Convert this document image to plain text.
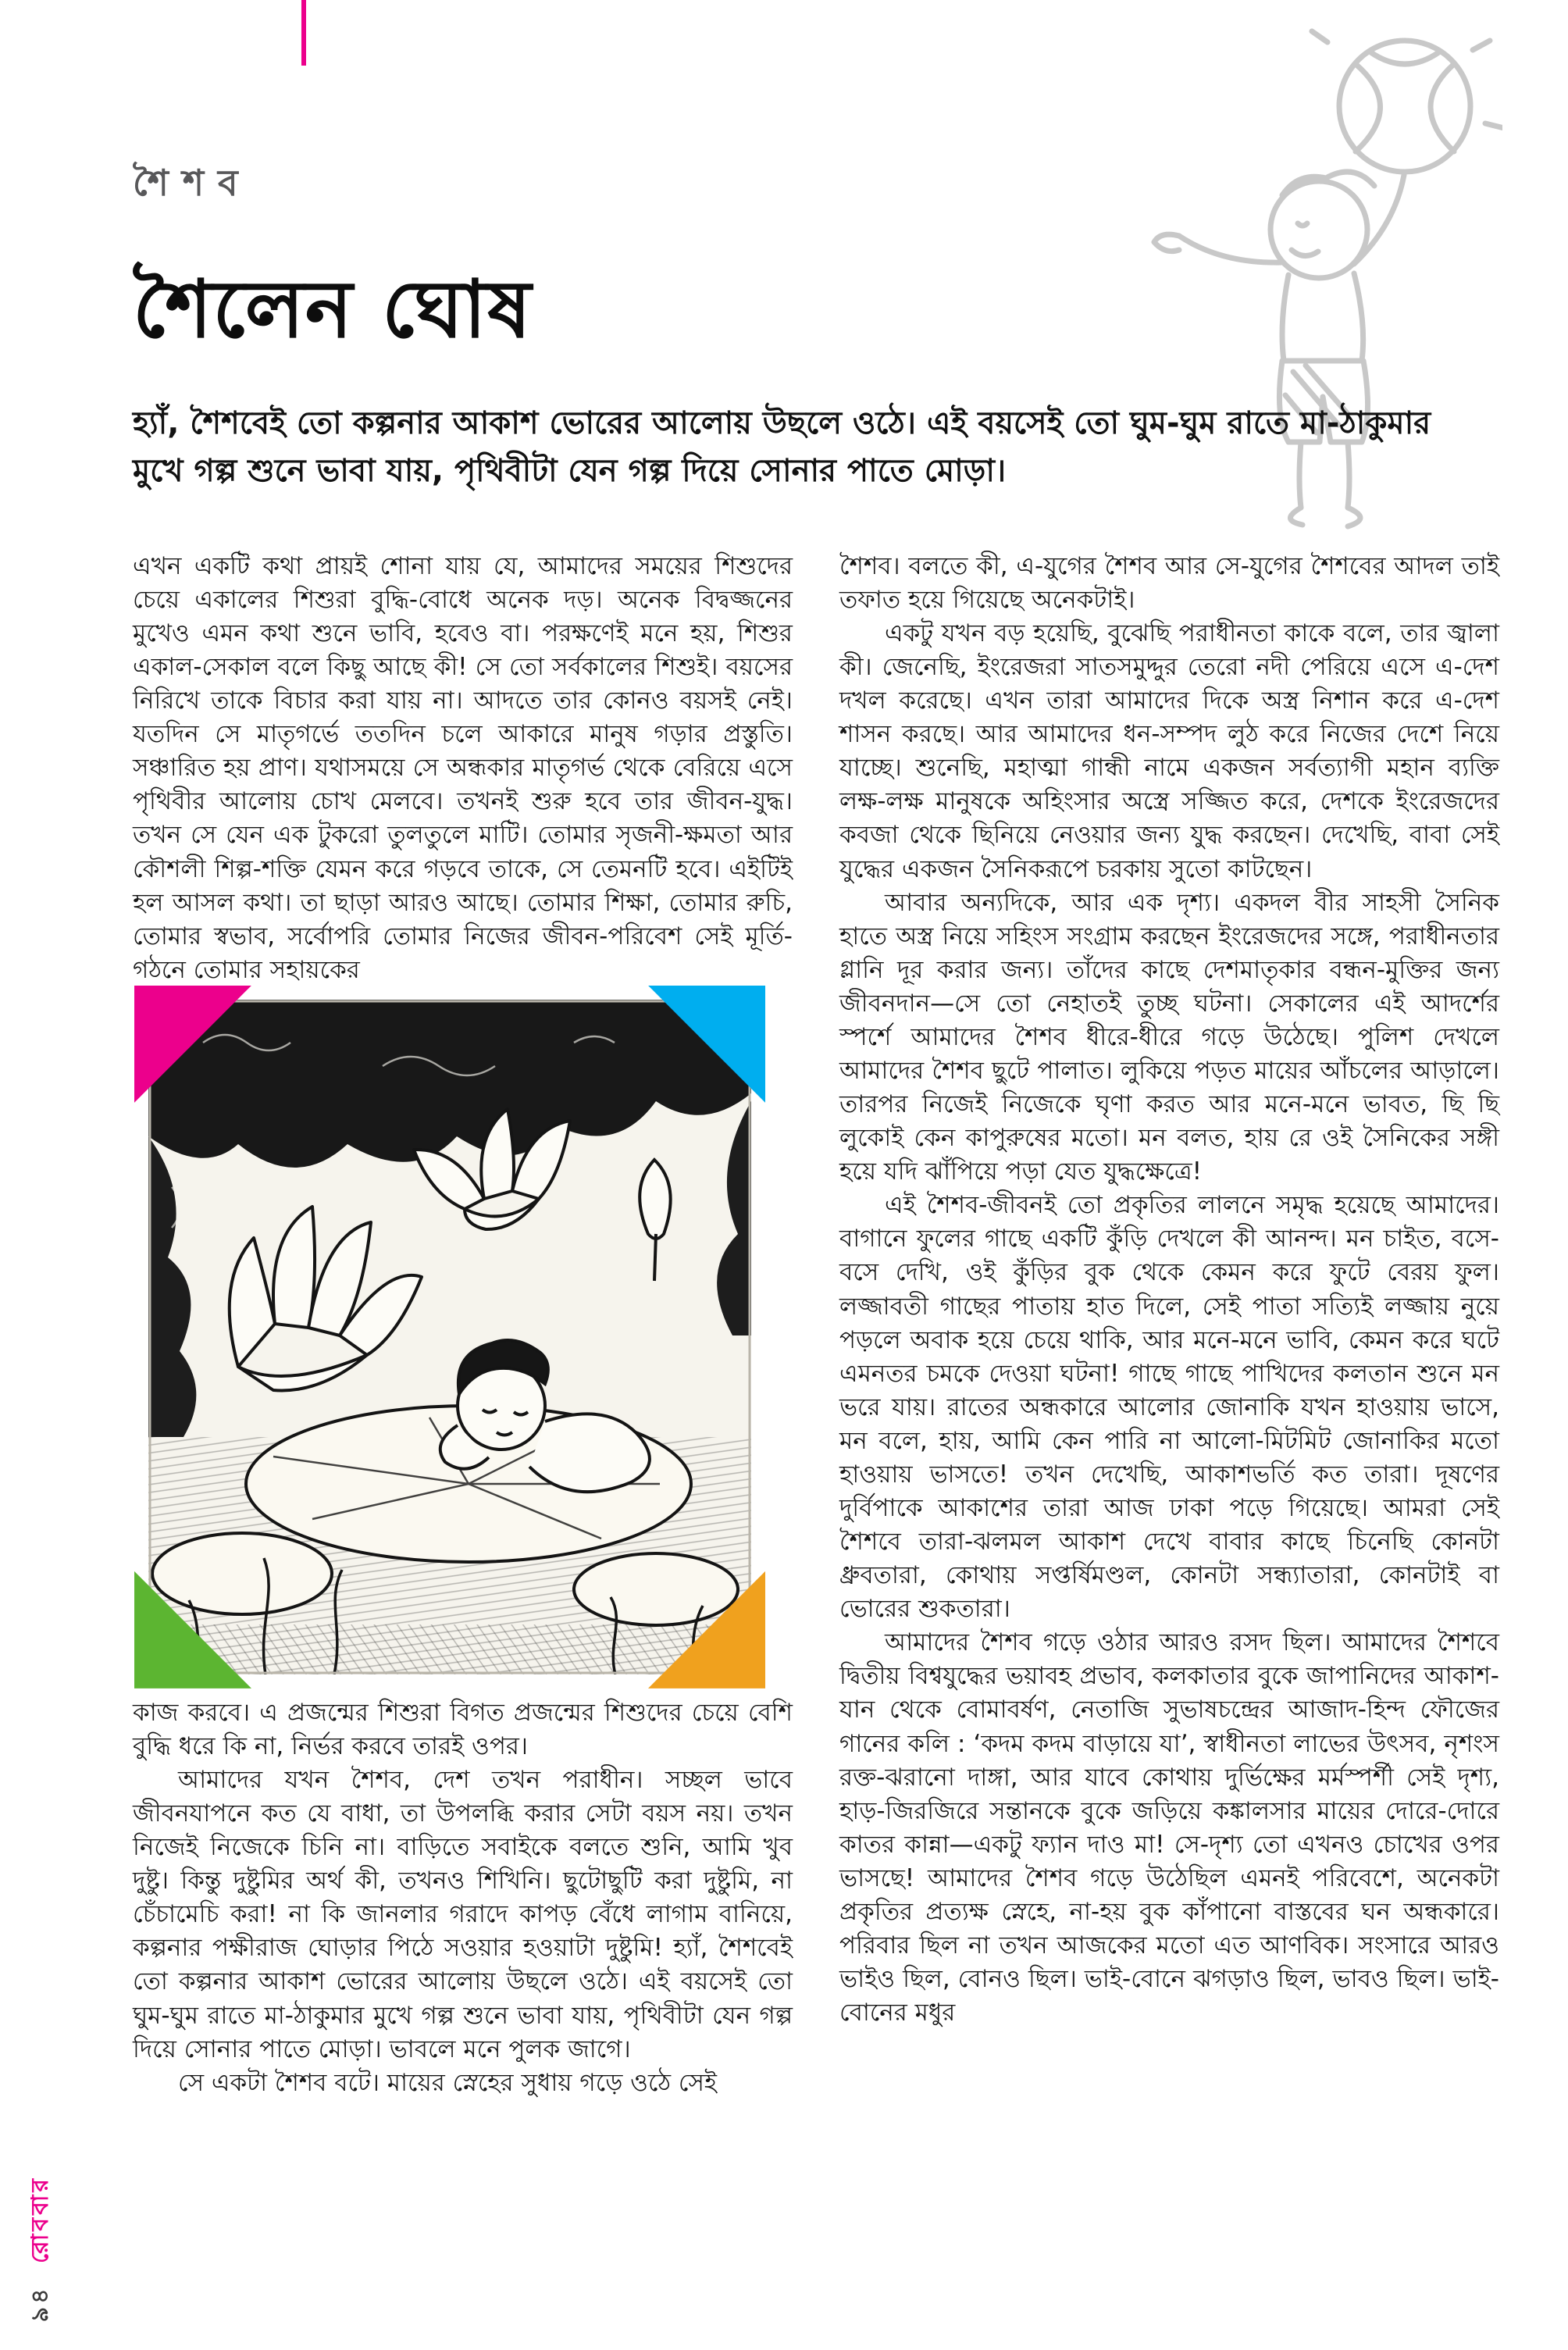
শৈশব
শৈলেন ঘোষ

হ্যাঁ, শৈশবেই তো কল্পনার আকাশ ভোরের আলোয় উছলে ওঠে। এই বয়সেই তো ঘুম-ঘুম রাতে মা-ঠাকুমার মুখে গল্প শুনে ভাবা যায়, পৃথিবীটা যেন গল্প দিয়ে সোনার পাতে মোড়া।

এখন একটি কথা প্রায়ই শোনা যায় যে, আমাদের সময়ের শিশুদের চেয়ে একালের শিশুরা বুদ্ধি-বোধে অনেক দড়। অনেক বিদ্বজ্জনের মুখেও এমন কথা শুনে ভাবি, হবেও বা। পরক্ষণেই মনে হয়, শিশুর একাল-সেকাল বলে কিছু আছে কী! সে তো সর্বকালের শিশুই। বয়সের নিরিখে তাকে বিচার করা যায় না। আদতে তার কোনও বয়সই নেই। যতদিন সে মাতৃগর্ভে ততদিন চলে আকারে মানুষ গড়ার প্রস্তুতি। সঞ্চারিত হয় প্রাণ। যথাসময়ে সে অন্ধকার মাতৃগর্ভ থেকে বেরিয়ে এসে পৃথিবীর আলোয় চোখ মেলবে। তখনই শুরু হবে তার জীবন-যুদ্ধ। তখন সে যেন এক টুকরো তুলতুলে মাটি। তোমার সৃজনী-ক্ষমতা আর কৌশলী শিল্প-শক্তি যেমন করে গড়বে তাকে, সে তেমনটি হবে। এইটিই হল আসল কথা। তা ছাড়া আরও আছে। তোমার শিক্ষা, তোমার রুচি, তোমার স্বভাব, সর্বোপরি তোমার নিজের জীবন-পরিবেশ সেই মূর্তি-গঠনে তোমার সহায়কের

কাজ করবে। এ প্রজন্মের শিশুরা বিগত প্রজন্মের শিশুদের চেয়ে বেশি বুদ্ধি ধরে কি না, নির্ভর করবে তারই ওপর।

আমাদের যখন শৈশব, দেশ তখন পরাধীন। সচ্ছল ভাবে জীবনযাপনে কত যে বাধা, তা উপলব্ধি করার সেটা বয়স নয়। তখন নিজেই নিজেকে চিনি না। বাড়িতে সবাইকে বলতে শুনি, আমি খুব দুষ্টু। কিন্তু দুষ্টুমির অর্থ কী, তখনও শিখিনি। ছুটোছুটি করা দুষ্টুমি, না চেঁচামেচি করা! না কি জানলার গরাদে কাপড় বেঁধে লাগাম বানিয়ে, কল্পনার পক্ষীরাজ ঘোড়ার পিঠে সওয়ার হওয়াটা দুষ্টুমি! হ্যাঁ, শৈশবেই তো কল্পনার আকাশ ভোরের আলোয় উছলে ওঠে। এই বয়সেই তো ঘুম-ঘুম রাতে মা-ঠাকুমার মুখে গল্প শুনে ভাবা যায়, পৃথিবীটা যেন গল্প দিয়ে সোনার পাতে মোড়া। ভাবলে মনে পুলক জাগে।

সে একটা শৈশব বটে। মায়ের স্নেহের সুধায় গড়ে ওঠে সেই

শৈশব। বলতে কী, এ-যুগের শৈশব আর সে-যুগের শৈশবের আদল তাই তফাত হয়ে গিয়েছে অনেকটাই।

একটু যখন বড় হয়েছি, বুঝেছি পরাধীনতা কাকে বলে, তার জ্বালা কী। জেনেছি, ইংরেজরা সাতসমুদ্দুর তেরো নদী পেরিয়ে এসে এ-দেশ দখল করেছে। এখন তারা আমাদের দিকে অস্ত্র নিশান করে এ-দেশ শাসন করছে। আর আমাদের ধন-সম্পদ লুঠ করে নিজের দেশে নিয়ে যাচ্ছে। শুনেছি, মহাত্মা গান্ধী নামে একজন সর্বত্যাগী মহান ব্যক্তি লক্ষ-লক্ষ মানুষকে অহিংসার অস্ত্রে সজ্জিত করে, দেশকে ইংরেজদের কবজা থেকে ছিনিয়ে নেওয়ার জন্য যুদ্ধ করছেন। দেখেছি, বাবা সেই যুদ্ধের একজন সৈনিকরূপে চরকায় সুতো কাটছেন।

আবার অন্যদিকে, আর এক দৃশ্য। একদল বীর সাহসী সৈনিক হাতে অস্ত্র নিয়ে সহিংস সংগ্রাম করছেন ইংরেজদের সঙ্গে, পরাধীনতার গ্লানি দূর করার জন্য। তাঁদের কাছে দেশমাতৃকার বন্ধন-মুক্তির জন্য জীবনদান—সে তো নেহাতই তুচ্ছ ঘটনা। সেকালের এই আদর্শের স্পর্শে আমাদের শৈশব ধীরে-ধীরে গড়ে উঠেছে। পুলিশ দেখলে আমাদের শৈশব ছুটে পালাত। লুকিয়ে পড়ত মায়ের আঁচলের আড়ালে। তারপর নিজেই নিজেকে ঘৃণা করত আর মনে-মনে ভাবত, ছি ছি লুকোই কেন কাপুরুষের মতো। মন বলত, হায় রে ওই সৈনিকের সঙ্গী হয়ে যদি ঝাঁপিয়ে পড়া যেত যুদ্ধক্ষেত্রে!

এই শৈশব-জীবনই তো প্রকৃতির লালনে সমৃদ্ধ হয়েছে আমাদের। বাগানে ফুলের গাছে একটি কুঁড়ি দেখলে কী আনন্দ। মন চাইত, বসে-বসে দেখি, ওই কুঁড়ির বুক থেকে কেমন করে ফুটে বেরয় ফুল। লজ্জাবতী গাছের পাতায় হাত দিলে, সেই পাতা সত্যিই লজ্জায় নুয়ে পড়লে অবাক হয়ে চেয়ে থাকি, আর মনে-মনে ভাবি, কেমন করে ঘটে এমনতর চমকে দেওয়া ঘটনা! গাছে গাছে পাখিদের কলতান শুনে মন ভরে যায়। রাতের অন্ধকারে আলোর জোনাকি যখন হাওয়ায় ভাসে, মন বলে, হায়, আমি কেন পারি না আলো-মিটমিট জোনাকির মতো হাওয়ায় ভাসতে! তখন দেখেছি, আকাশভর্তি কত তারা। দূষণের দুর্বিপাকে আকাশের তারা আজ ঢাকা পড়ে গিয়েছে। আমরা সেই শৈশবে তারা-ঝলমল আকাশ দেখে বাবার কাছে চিনেছি কোনটা ধ্রুবতারা, কোথায় সপ্তর্ষিমণ্ডল, কোনটা সন্ধ্যাতারা, কোনটাই বা ভোরের শুকতারা।

আমাদের শৈশব গড়ে ওঠার আরও রসদ ছিল। আমাদের শৈশবে দ্বিতীয় বিশ্বযুদ্ধের ভয়াবহ প্রভাব, কলকাতার বুকে জাপানিদের আকাশ-যান থেকে বোমাবর্ষণ, নেতাজি সুভাষচন্দ্রের আজাদ-হিন্দ ফৌজের গানের কলি : ‘কদম কদম বাড়ায়ে যা’, স্বাধীনতা লাভের উৎসব, নৃশংস রক্ত-ঝরানো দাঙ্গা, আর যাবে কোথায় দুর্ভিক্ষের মর্মস্পর্শী সেই দৃশ্য, হাড়-জিরজিরে সন্তানকে বুকে জড়িয়ে কঙ্কালসার মায়ের দোরে-দোরে কাতর কান্না—একটু ফ্যান দাও মা! সে-দৃশ্য তো এখনও চোখের ওপর ভাসছে! আমাদের শৈশব গড়ে উঠেছিল এমনই পরিবেশে, অনেকটা প্রকৃতির প্রত্যক্ষ স্নেহে, না-হয় বুক কাঁপানো বাস্তবের ঘন অন্ধকারে। পরিবার ছিল না তখন আজকের মতো এত আণবিক। সংসারে আরও ভাইও ছিল, বোনও ছিল। ভাই-বোনে ঝগড়াও ছিল, ভাবও ছিল। ভাই-বোনের মধুর

৯৪ রোববার
